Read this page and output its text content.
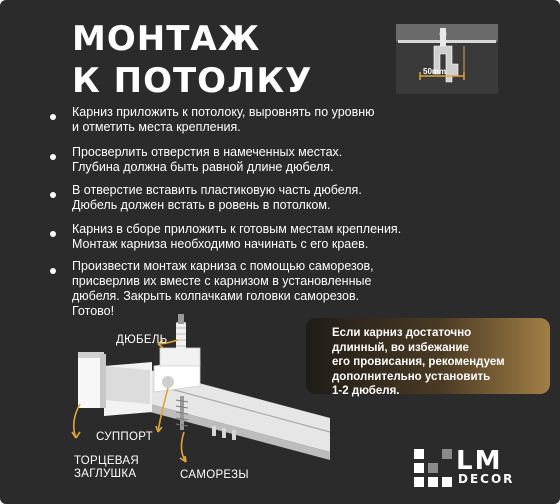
МОНТАЖ
К ПОТОЛКУ	50mm
Карниз приложить к потолоку, выровнять по уровню
и отметить места крепления.
Просверлить отверстия в намеченных местах.
Глубина должна быть равной длине дюбеля.
В отверстие вставить пластиковую часть дюбеля.
Дюбель должен встать в ровень в потолком.
Карниз в сборе приложить к готовым местам крепления.
Монтаж карниза необходимо начинать с его краев.
Произвести монтаж карниза с помощью саморезов,
присверлив их вместе с карнизом в установленные
дюбеля. Закрыть колпачками головки саморезов.
Готово!
ДЮБЕЛЬ
СУППОРТ
ТОРЦЕВАЯ
ЗАГЛУШКА	САМОРЕЗЫ
Если карниз достаточно
длинный, во избежание
его провисания, рекомендуем
дополнительно установить
1-2 дюбеля.
LM
DECOR
